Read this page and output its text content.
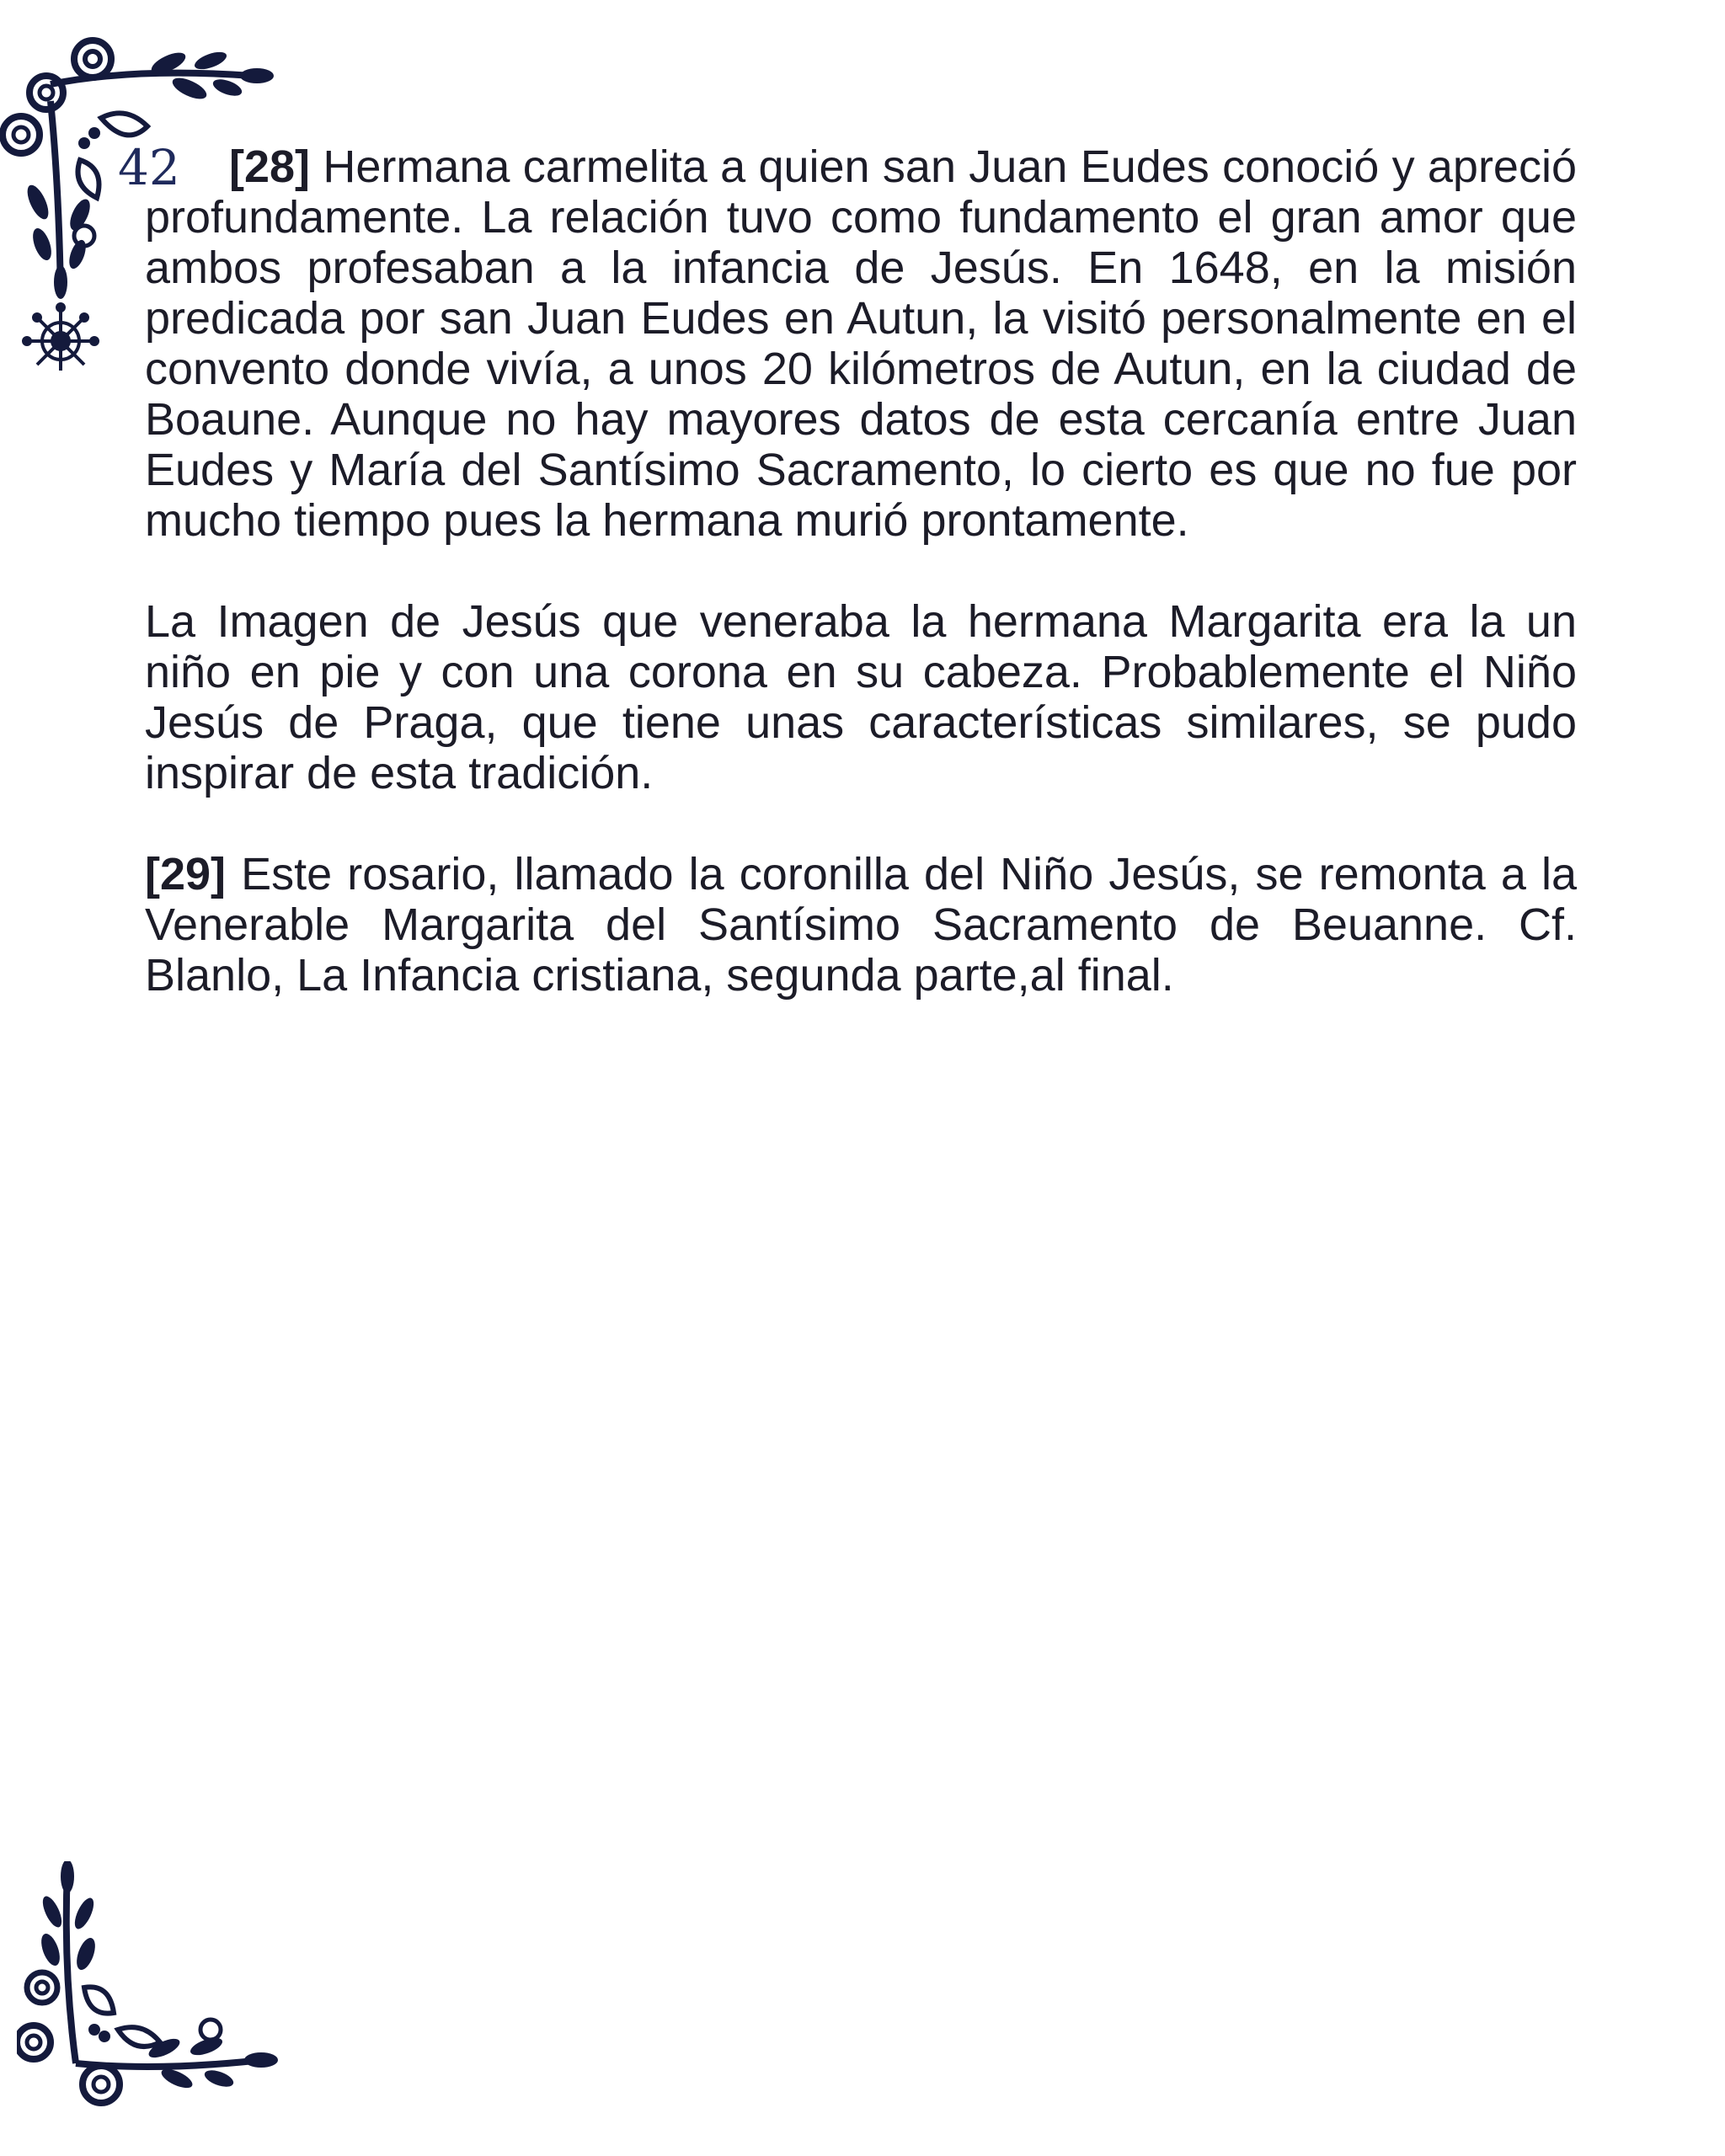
42	[28] Hermana carmelita a quien san Juan Eudes conoció y apreció profundamente. La relación tuvo como fundamento el gran amor que ambos profesaban a la infancia de Jesús. En 1648, en la misión predicada por san Juan Eudes en Autun, la visitó personalmente en el convento donde vivía, a unos 20 kilómetros de Autun, en la ciudad de Boaune. Aunque no hay mayores datos de esta cercanía entre Juan Eudes y María del Santísimo Sacramento, lo cierto es que no fue por mucho tiempo pues la hermana murió prontamente.

La Imagen de Jesús que veneraba la hermana Margarita era la un niño en pie y con una corona en su cabeza. Probablemente el Niño Jesús de Praga, que tiene unas características similares, se pudo inspirar de esta tradición.

[29] Este rosario, llamado la coronilla del Niño Jesús, se remonta a la Venerable Margarita del Santísimo Sacramento de Beuanne. Cf. Blanlo, La Infancia cristiana, segunda parte,al final.
